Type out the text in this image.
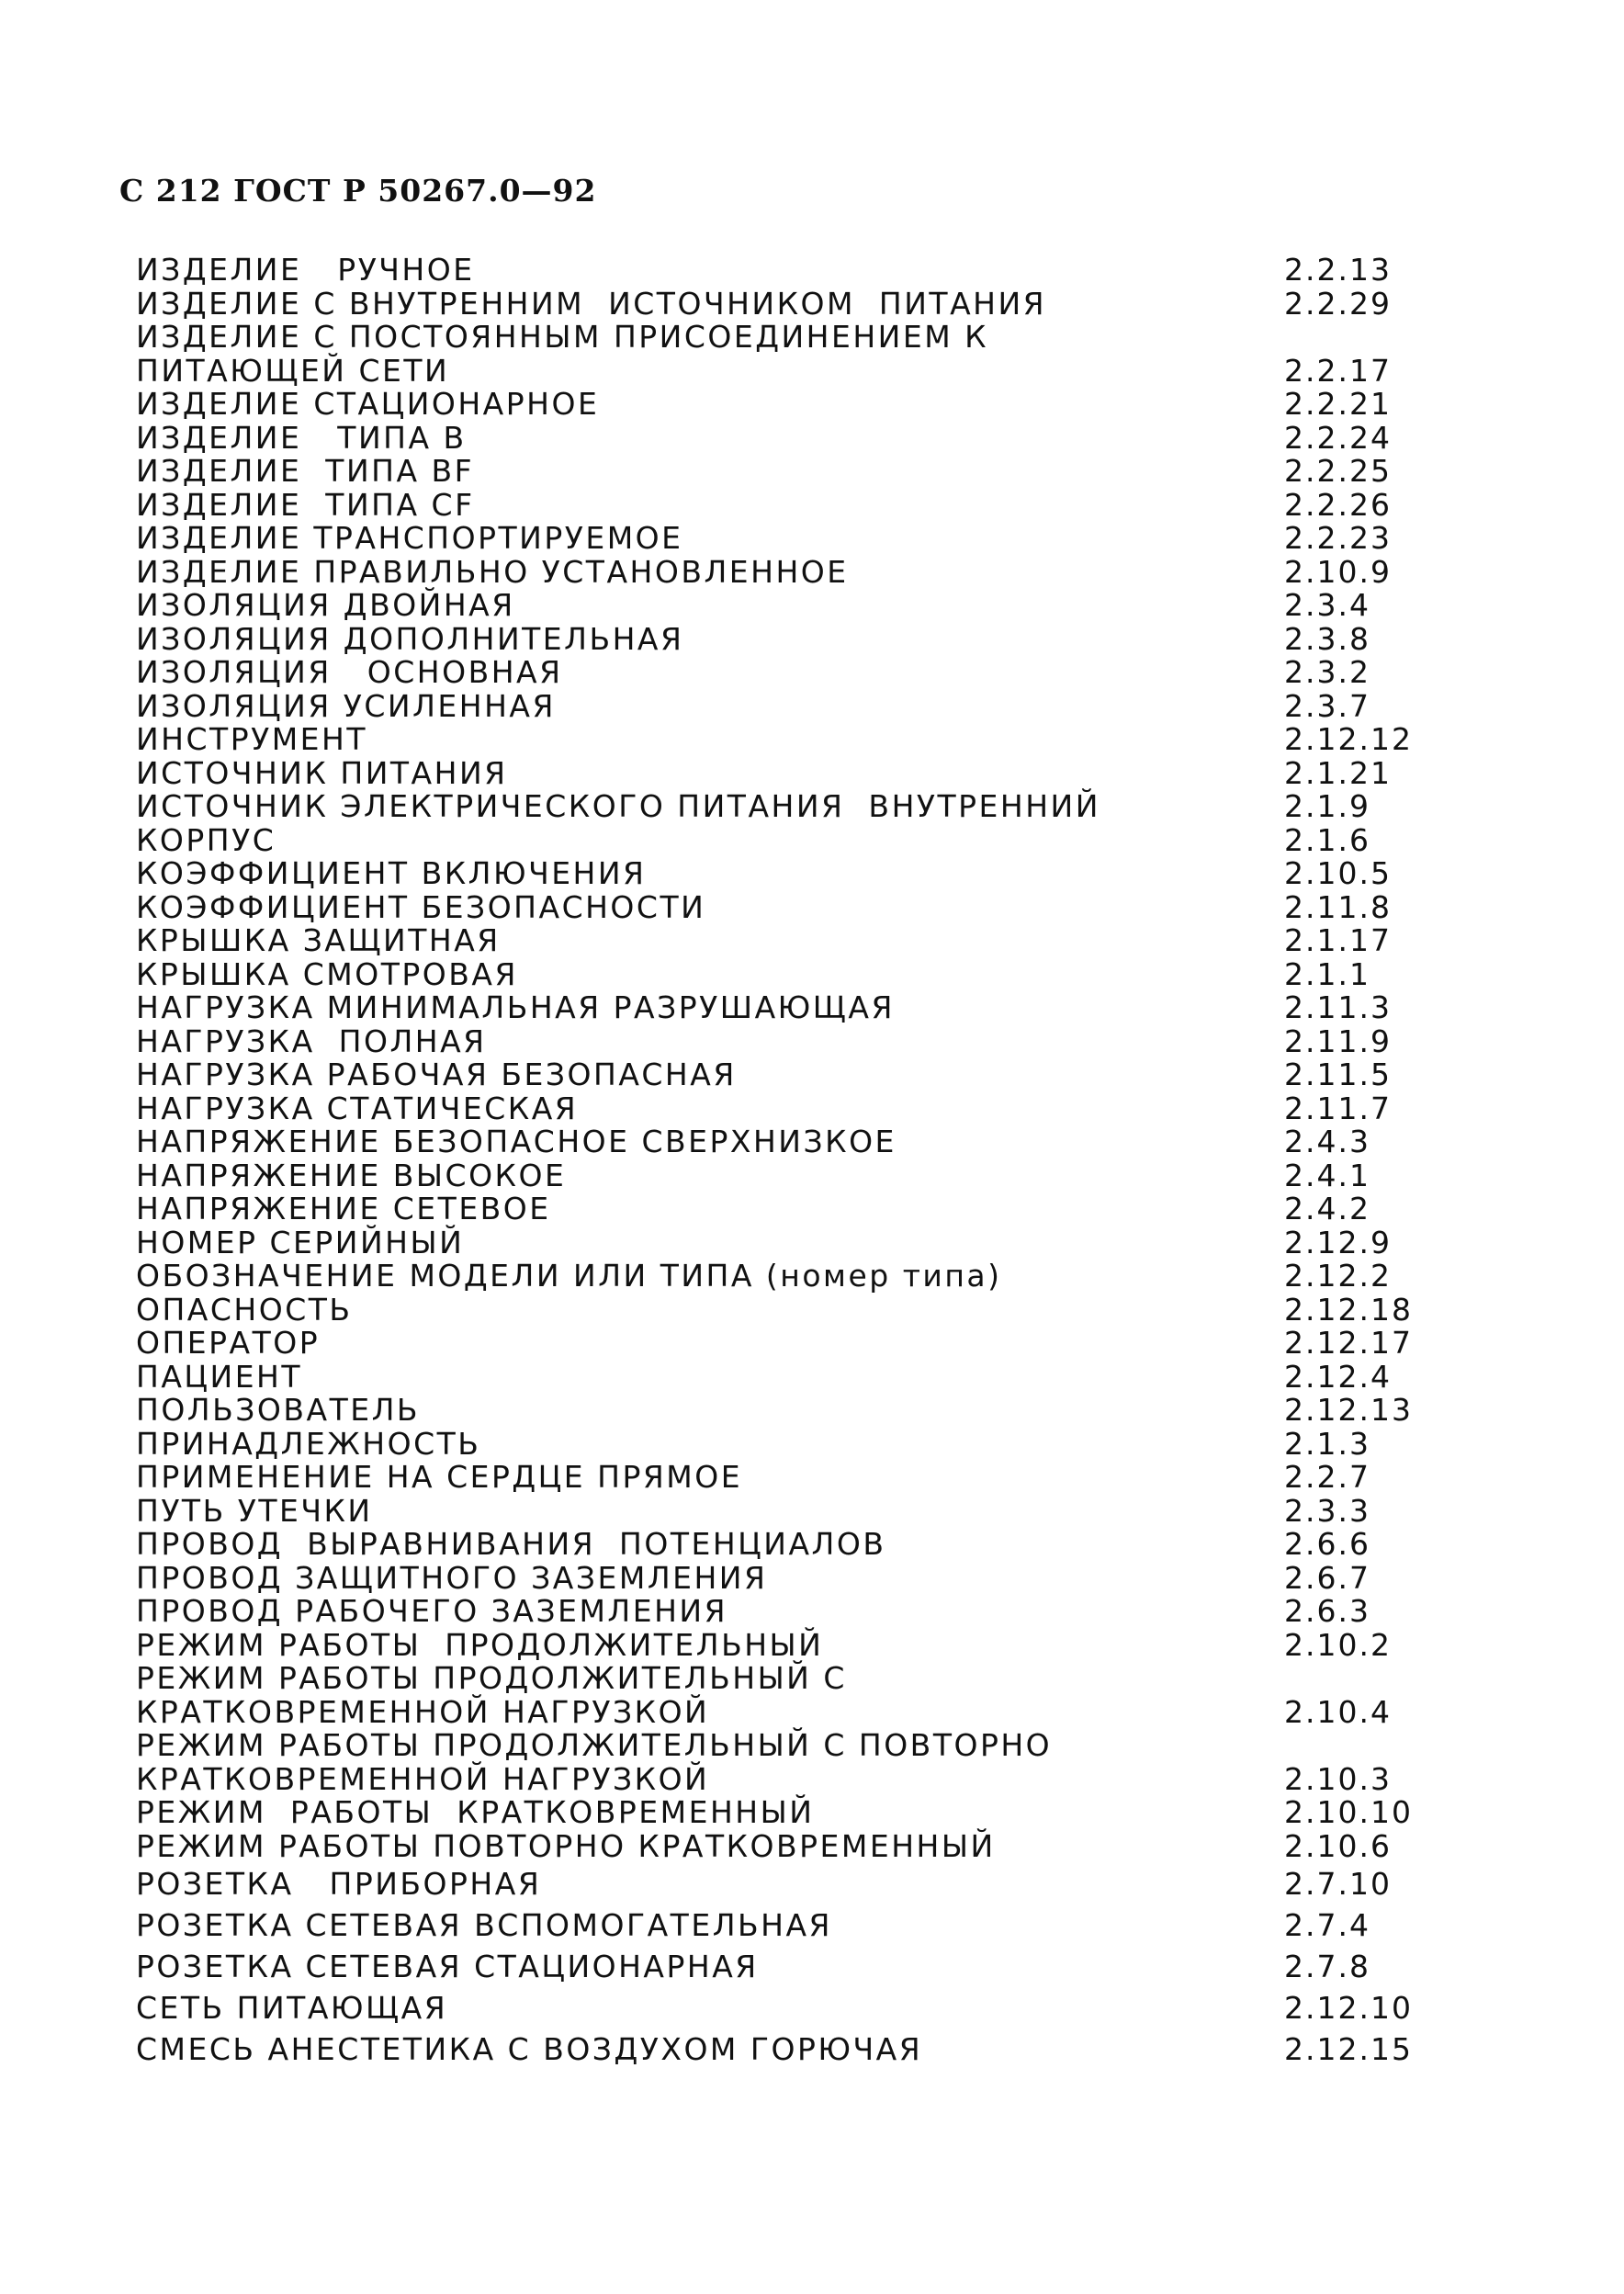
С 212 ГОСТ Р 50267.0—92
ИЗДЕЛИЕ   РУЧНОЕ	2.2.13
ИЗДЕЛИЕ С ВНУТРЕННИМ  ИСТОЧНИКОМ  ПИТАНИЯ	2.2.29
ИЗДЕЛИЕ С ПОСТОЯННЫМ ПРИСОЕДИНЕНИЕМ К ПИТАЮЩЕЙ СЕТИ	2.2.17
ИЗДЕЛИЕ СТАЦИОНАРНОЕ	2.2.21
ИЗДЕЛИЕ   ТИПА В	2.2.24
ИЗДЕЛИЕ  ТИПА BF	2.2.25
ИЗДЕЛИЕ  ТИПА CF	2.2.26
ИЗДЕЛИЕ ТРАНСПОРТИРУЕМОЕ	2.2.23
ИЗДЕЛИЕ ПРАВИЛЬНО УСТАНОВЛЕННОЕ	2.10.9
ИЗОЛЯЦИЯ ДВОЙНАЯ	2.3.4
ИЗОЛЯЦИЯ ДОПОЛНИТЕЛЬНАЯ	2.3.8
ИЗОЛЯЦИЯ   ОСНОВНАЯ	2.3.2
ИЗОЛЯЦИЯ УСИЛЕННАЯ	2.3.7
ИНСТРУМЕНТ	2.12.12
ИСТОЧНИК ПИТАНИЯ	2.1.21
ИСТОЧНИК ЭЛЕКТРИЧЕСКОГО ПИТАНИЯ  ВНУТРЕННИЙ	2.1.9
КОРПУС	2.1.6
КОЭФФИЦИЕНТ ВКЛЮЧЕНИЯ	2.10.5
КОЭФФИЦИЕНТ БЕЗОПАСНОСТИ	2.11.8
КРЫШКА ЗАЩИТНАЯ	2.1.17
КРЫШКА СМОТРОВАЯ	2.1.1
НАГРУЗКА МИНИМАЛЬНАЯ РАЗРУШАЮЩАЯ	2.11.3
НАГРУЗКА  ПОЛНАЯ	2.11.9
НАГРУЗКА РАБОЧАЯ БЕЗОПАСНАЯ	2.11.5
НАГРУЗКА СТАТИЧЕСКАЯ	2.11.7
НАПРЯЖЕНИЕ БЕЗОПАСНОЕ СВЕРХНИЗКОЕ	2.4.3
НАПРЯЖЕНИЕ ВЫСОКОЕ	2.4.1
НАПРЯЖЕНИЕ СЕТЕВОЕ	2.4.2
НОМЕР СЕРИЙНЫЙ	2.12.9
ОБОЗНАЧЕНИЕ МОДЕЛИ ИЛИ ТИПА (номер типа)	2.12.2
ОПАСНОСТЬ	2.12.18
ОПЕРАТОР	2.12.17
ПАЦИЕНТ	2.12.4
ПОЛЬЗОВАТЕЛЬ	2.12.13
ПРИНАДЛЕЖНОСТЬ	2.1.3
ПРИМЕНЕНИЕ НА СЕРДЦЕ ПРЯМОЕ	2.2.7
ПУТЬ УТЕЧКИ	2.3.3
ПРОВОД  ВЫРАВНИВАНИЯ  ПОТЕНЦИАЛОВ	2.6.6
ПРОВОД ЗАЩИТНОГО ЗАЗЕМЛЕНИЯ	2.6.7
ПРОВОД РАБОЧЕГО ЗАЗЕМЛЕНИЯ	2.6.3
РЕЖИМ РАБОТЫ  ПРОДОЛЖИТЕЛЬНЫЙ	2.10.2
РЕЖИМ РАБОТЫ ПРОДОЛЖИТЕЛЬНЫЙ С КРАТКОВРЕМЕННОЙ НАГРУЗКОЙ	2.10.4
РЕЖИМ РАБОТЫ ПРОДОЛЖИТЕЛЬНЫЙ С ПОВТОРНО КРАТКОВРЕМЕННОЙ НАГРУЗКОЙ	2.10.3
РЕЖИМ  РАБОТЫ  КРАТКОВРЕМЕННЫЙ	2.10.10
РЕЖИМ РАБОТЫ ПОВТОРНО КРАТКОВРЕМЕННЫЙ	2.10.6
РОЗЕТКА   ПРИБОРНАЯ	2.7.10
РОЗЕТКА СЕТЕВАЯ ВСПОМОГАТЕЛЬНАЯ	2.7.4
РОЗЕТКА СЕТЕВАЯ СТАЦИОНАРНАЯ	2.7.8
СЕТЬ ПИТАЮЩАЯ	2.12.10
СМЕСЬ АНЕСТЕТИКА С ВОЗДУХОМ ГОРЮЧАЯ	2.12.15
